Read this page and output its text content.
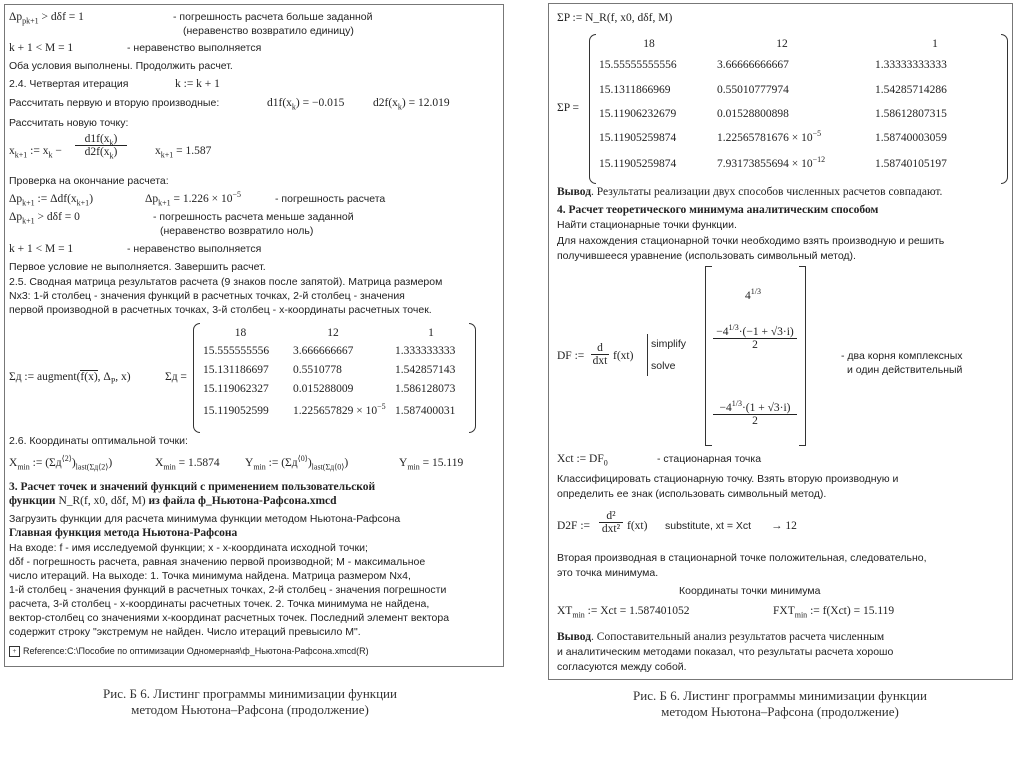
$\Delta p_{pk+1} > d\delta f = 1$	- погрешность расчета больше заданной
(неравенство возвратило единицу)
k + 1 < M = 1	- неравенство выполняется
Оба условия выполнены. Продолжить расчет.
2.4. Четвертая итерация	k := k + 1
Рассчитать первую и вторую производные:	$d1f(x_k) = -0.015$ $d2f(x_k) = 12.019$
Рассчитать новую точку:
$x_{k+1}$ := $x_k$ −
$d1f(x_k)$
$d2f(x_k)$	$x_{k+1} = 1.587$
Проверка на окончание расчета:
$\Delta p_{k+1}$ := $\Delta df(x_{k+1})$	$\Delta p_{k+1} = 1.226 \times 10^{-5}$	- погрешность расчета
$\Delta p_{k+1} > d\delta f = 0$	- погрешность расчета меньше заданной
(неравенство возвратило ноль)
k + 1 < M = 1	- неравенство выполняется
Первое условие не выполняется. Завершить расчет.
2.5. Сводная матрица результатов расчета (9 знаков после запятой). Матрица размером
Nx3: 1-й столбец - значения функций в расчетных точках, 2-й столбец - значения
первой производной в расчетных точках, 3-й столбец - x-координаты расчетных точек.
Σд := augment(f(x), $\Delta_P$, x)	Σд =
2.6. Координаты оптимальной точки:
$X_{min}$ := $(\Sigma д^{⟨2⟩})_{last(\Sigma д⟨2⟩}$)	$X_{min} = 1.5874$ $Y_{min}$ := $(\Sigma д^{⟨0⟩})_{last(\Sigma д⟨0⟩}$)	$Y_{min} = 15.119$
3. Расчет точек и значений функций с применением пользовательской
функции N_R(f, x0, dδf, M) из файла ф_Ньютона-Рафсона.xmcd
Загрузить функции для расчета минимума функции методом Ньютона-Рафсона
Главная функция метода Ньютона-Рафсона
На входе: f - имя исследуемой функции; x - x-координата исходной точки;
dδf - погрешность расчета, равная значению первой производной; M - максимальное
число итераций. На выходе: 1. Точка минимума найдена. Матрица размером Nx4,
1-й столбец - значения функций в расчетных точках, 2-й столбец - значения погрешности
расчета, 3-й столбец - x-координаты расчетных точек. 2. Точка минимума не найдена,
вектор-столбец со значениями x-координат расчетных точек. Последний элемент вектора
содержит строку "экстремум не найден. Число итераций превысило M".
+ Reference:C:\Пособие по оптимизации Одномерная\ф_Ньютона-Рафсона.xmcd(R)
18	12	1
15.555555556	3.666666667	1.333333333
15.131186697	0.5510778	1.542857143
15.119062327	0.015288009	1.586128073
15.119052599	$1.225657829 \times 10^{-5}$ 1.587400031
ΣP := N_R(f, x0, dδf, M)
ΣP =
Вывод. Результаты реализации двух способов численных расчетов совпадают.
4. Расчет теоретического минимума аналитическим способом
Найти стационарные точки функции.
Для нахождения стационарной точки необходимо взять производную и решить
получившееся уравнение (использовать символьный метод).
DF :=
d
dxt f(xt)
simplify
solve
$4^{1/3}$
$-4^{1/3}\cdot(-1 + √3\cdot i)$
2
$-4^{1/3}\cdot(1 + √3\cdot i)$
2
- два корня комплексных
и один действительный
Xct := $DF_0$	- стационарная точка
Классифицировать стационарную точку. Взять вторую производную и
определить ее знак (использовать символьный метод).
D2F :=
d²
dxt² f(xt) substitute, xt = Xct → 12
Вторая производная в стационарной точке положительная, следовательно,
это точка минимума.
Координаты точки минимума
$XT_{min}$ := Xct = 1.587401052	$FXT_{min}$ := f(Xct) = 15.119
Вывод. Сопоставительный анализ результатов расчета численным
и аналитическим методами показал, что результаты расчета хорошо
согласуются между собой.
18	12	1
15.55555555556	3.66666666667	1.33333333333
15.1311866969	0.55010777974	1.54285714286
15.11906232679	0.01528800898	1.58612807315
15.11905259874	$1.22565781676 \times 10^{-5}$	1.58740003059
15.11905259874	$7.93173855694 \times 10^{-12}$	1.58740105197
Рис. Б 6. Листинг программы минимизации функции
методом Ньютона–Рафсона (продолжение)
Рис. Б 6. Листинг программы минимизации функции
методом Ньютона–Рафсона (продолжение)
